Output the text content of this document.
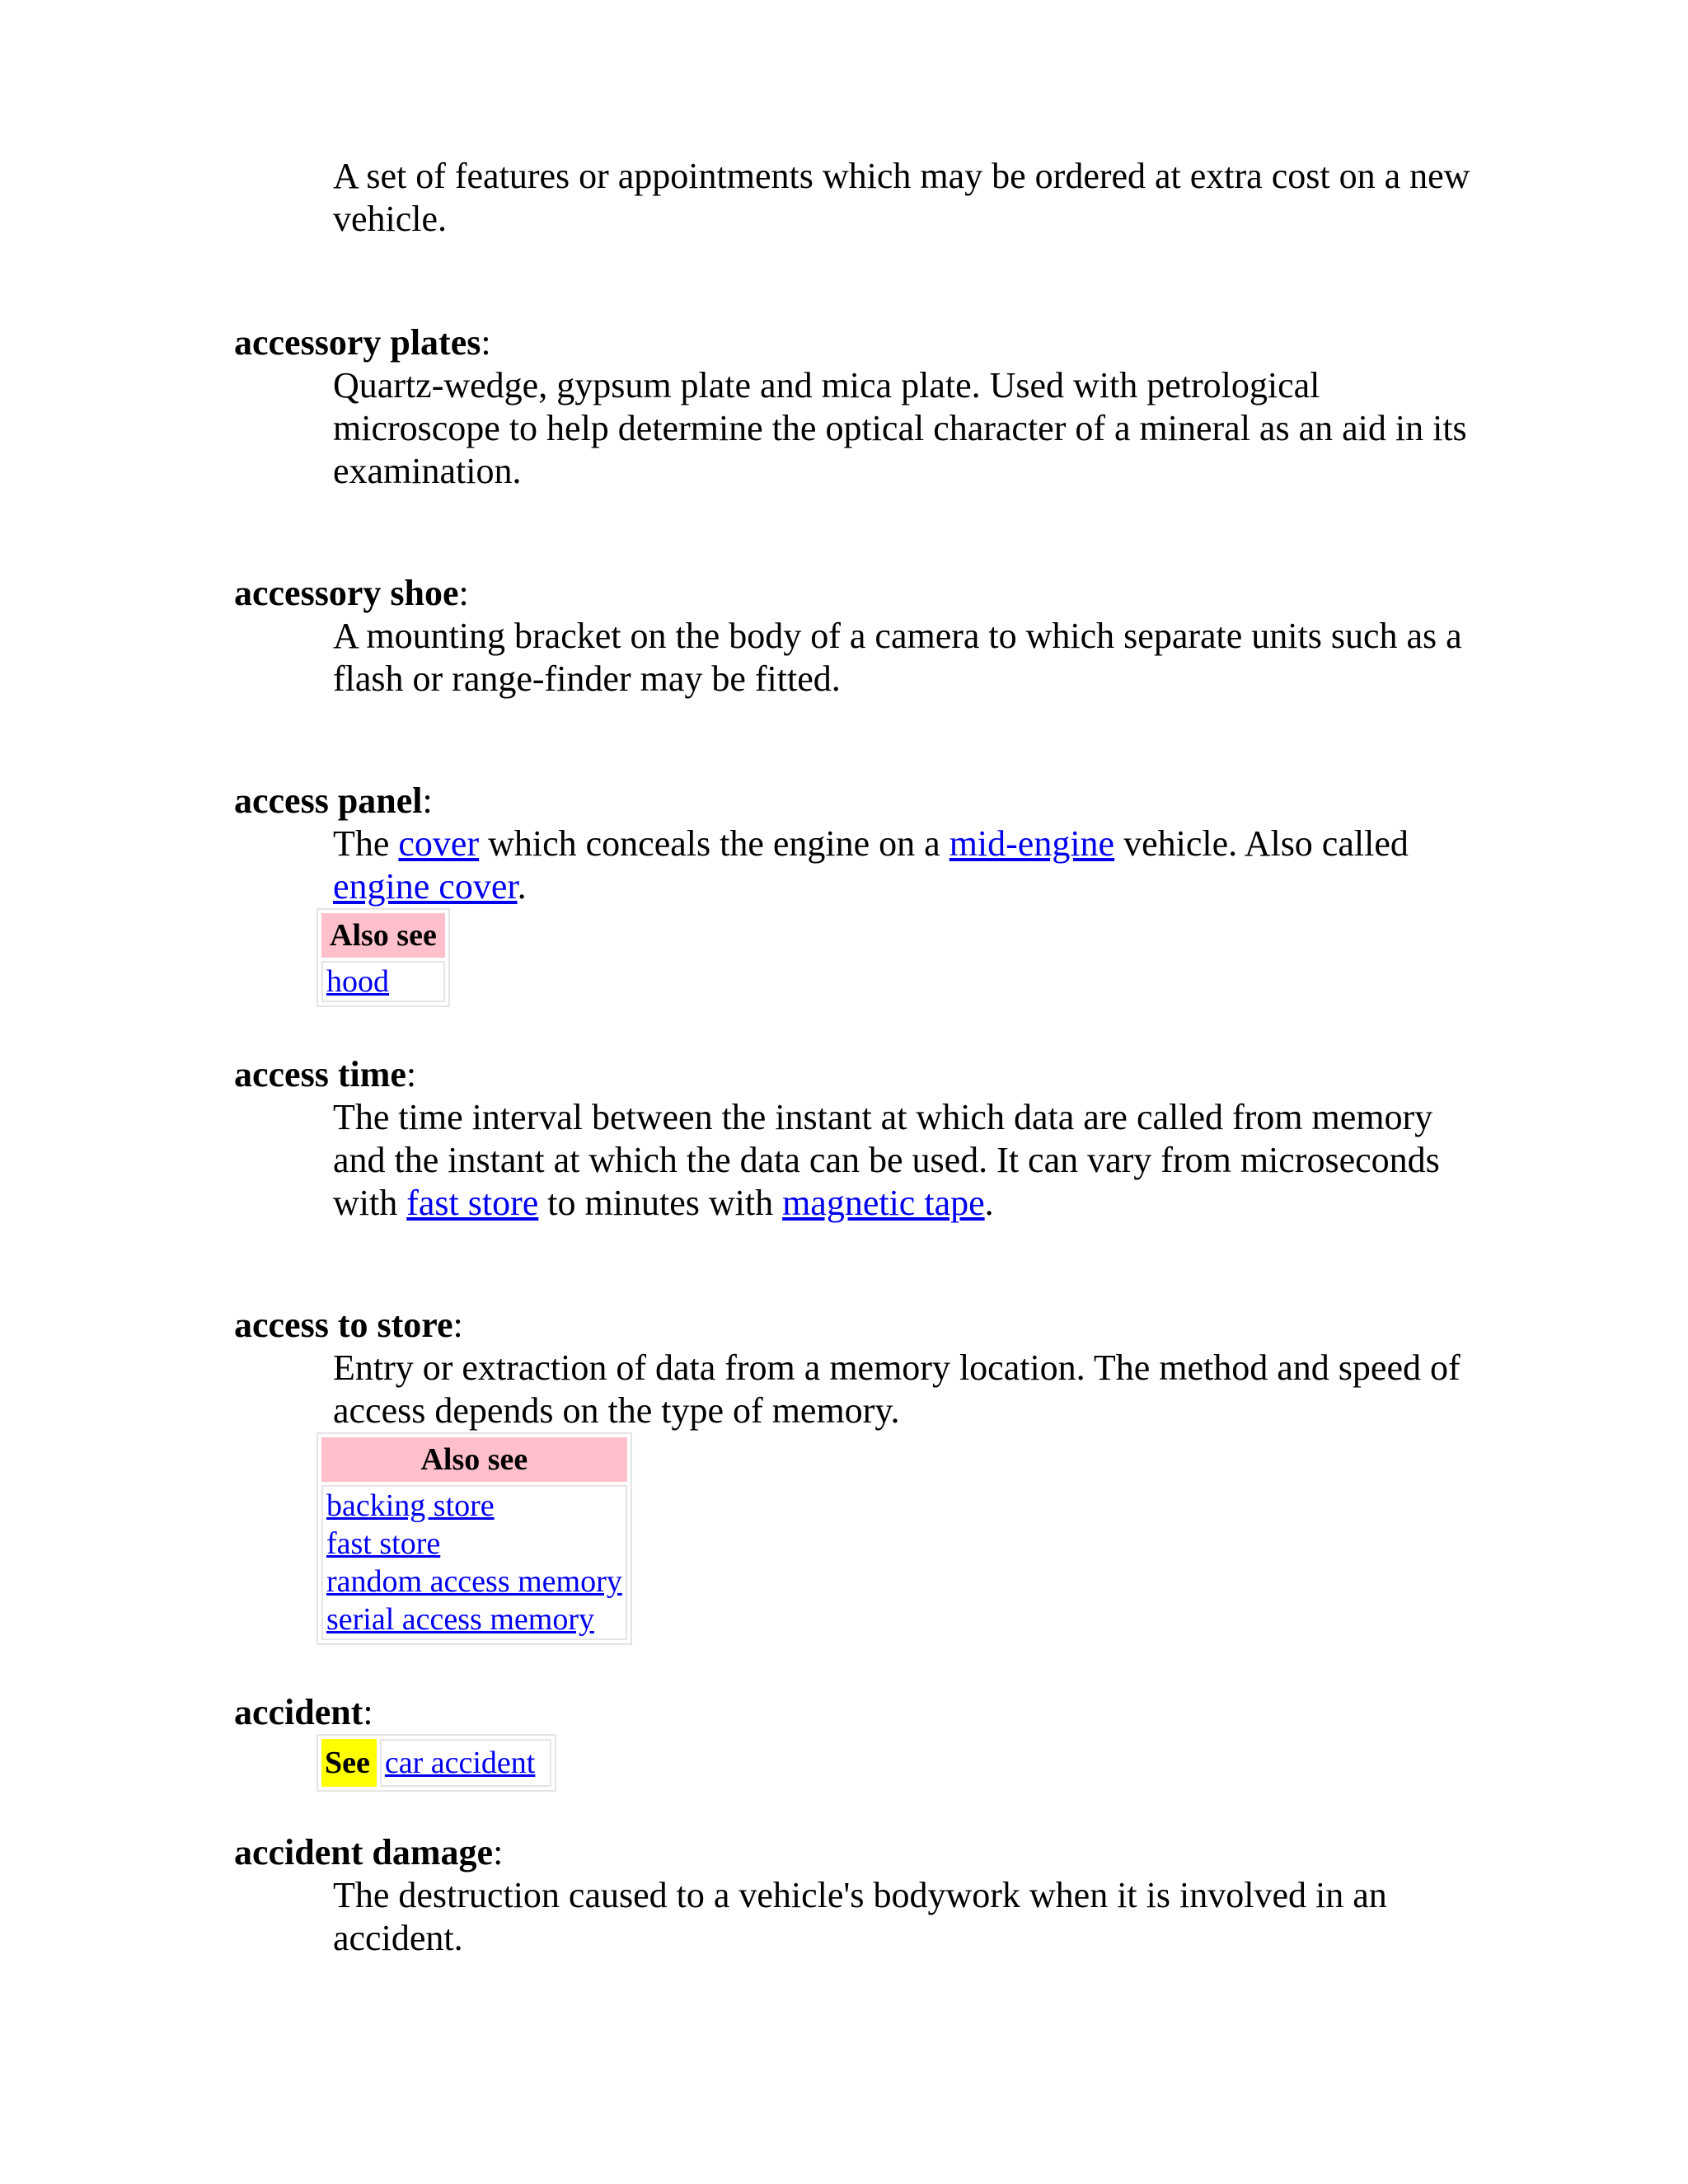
A set of features or appointments which may be ordered at extra cost on a new vehicle.

accessory plates:

Quartz-wedge, gypsum plate and mica plate. Used with petrological microscope to help determine the optical character of a mineral as an aid in its examination.

accessory shoe:

A mounting bracket on the body of a camera to which separate units such as a flash or range-finder may be fitted.

access panel:

The cover which conceals the engine on a mid-engine vehicle. Also called engine cover.

Also see
hood

access time:

The time interval between the instant at which data are called from memory and the instant at which the data can be used. It can vary from microseconds with fast store to minutes with magnetic tape.

access to store:

Entry or extraction of data from a memory location. The method and speed of access depends on the type of memory.

Also see
backing store
fast store
random access memory
serial access memory

accident:

See	car accident

accident damage:

The destruction caused to a vehicle's bodywork when it is involved in an accident.
